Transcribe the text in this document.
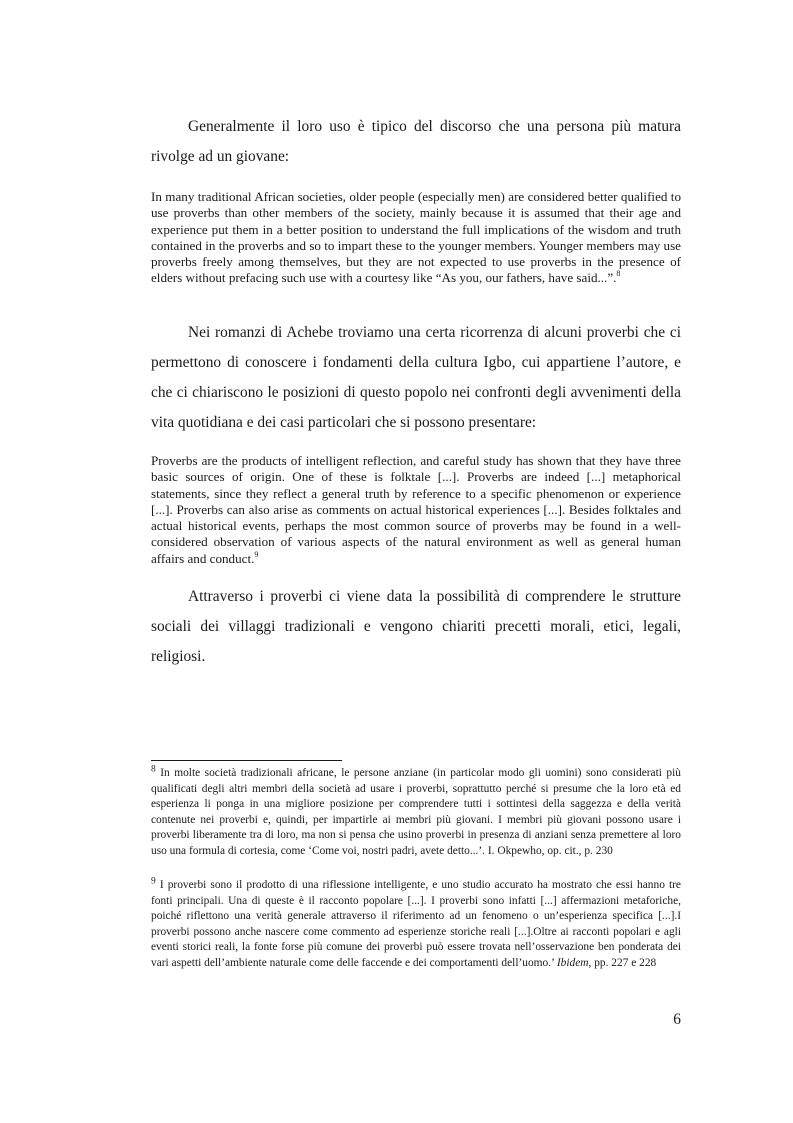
Generalmente il loro uso è tipico del discorso che una persona più matura rivolge ad un giovane:

In many traditional African societies, older people (especially men) are considered better qualified to use proverbs than other members of the society, mainly because it is assumed that their age and experience put them in a better position to understand the full implications of the wisdom and truth contained in the proverbs and so to impart these to the younger members. Younger members may use proverbs freely among themselves, but they are not expected to use proverbs in the presence of elders without prefacing such use with a courtesy like “As you, our fathers, have said...”.$^8$

Nei romanzi di Achebe troviamo una certa ricorrenza di alcuni proverbi che ci permettono di conoscere i fondamenti della cultura Igbo, cui appartiene l’autore, e che ci chiariscono le posizioni di questo popolo nei confronti degli avvenimenti della vita quotidiana e dei casi particolari che si possono presentare:

Proverbs are the products of intelligent reflection, and careful study has shown that they have three basic sources of origin. One of these is folktale [...]. Proverbs are indeed [...] metaphorical statements, since they reflect a general truth by reference to a specific phenomenon or experience [...]. Proverbs can also arise as comments on actual historical experiences [...]. Besides folktales and actual historical events, perhaps the most common source of proverbs may be found in a well-considered observation of various aspects of the natural environment as well as general human affairs and conduct.$^9$

Attraverso i proverbi ci viene data la possibilità di comprendere le strutture sociali dei villaggi tradizionali e vengono chiariti precetti morali, etici, legali, religiosi.

$^8$ In molte società tradizionali africane, le persone anziane (in particolar modo gli uomini) sono considerati più qualificati degli altri membri della società ad usare i proverbi, soprattutto perché si presume che la loro età ed esperienza li ponga in una migliore posizione per comprendere tutti i sottintesi della saggezza e della verità contenute nei proverbi e, quindi, per impartirle ai membri più giovani. I membri più giovani possono usare i proverbi liberamente tra di loro, ma non si pensa che usino proverbi in presenza di anziani senza premettere al loro uso una formula di cortesia, come ‘Come voi, nostri padri, avete detto...’. I. Okpewho, op. cit., p. 230

$^9$ I proverbi sono il prodotto di una riflessione intelligente, e uno studio accurato ha mostrato che essi hanno tre fonti principali. Una di queste è il racconto popolare [...]. I proverbi sono infatti [...] affermazioni metaforiche, poiché riflettono una verità generale attraverso il riferimento ad un fenomeno o un’esperienza specifica [...].I proverbi possono anche nascere come commento ad esperienze storiche reali [...].Oltre ai racconti popolari e agli eventi storici reali, la fonte forse più comune dei proverbi può essere trovata nell’osservazione ben ponderata dei vari aspetti dell’ambiente naturale come delle faccende e dei comportamenti dell’uomo.’ Ibidem, pp. 227 e 228

6
